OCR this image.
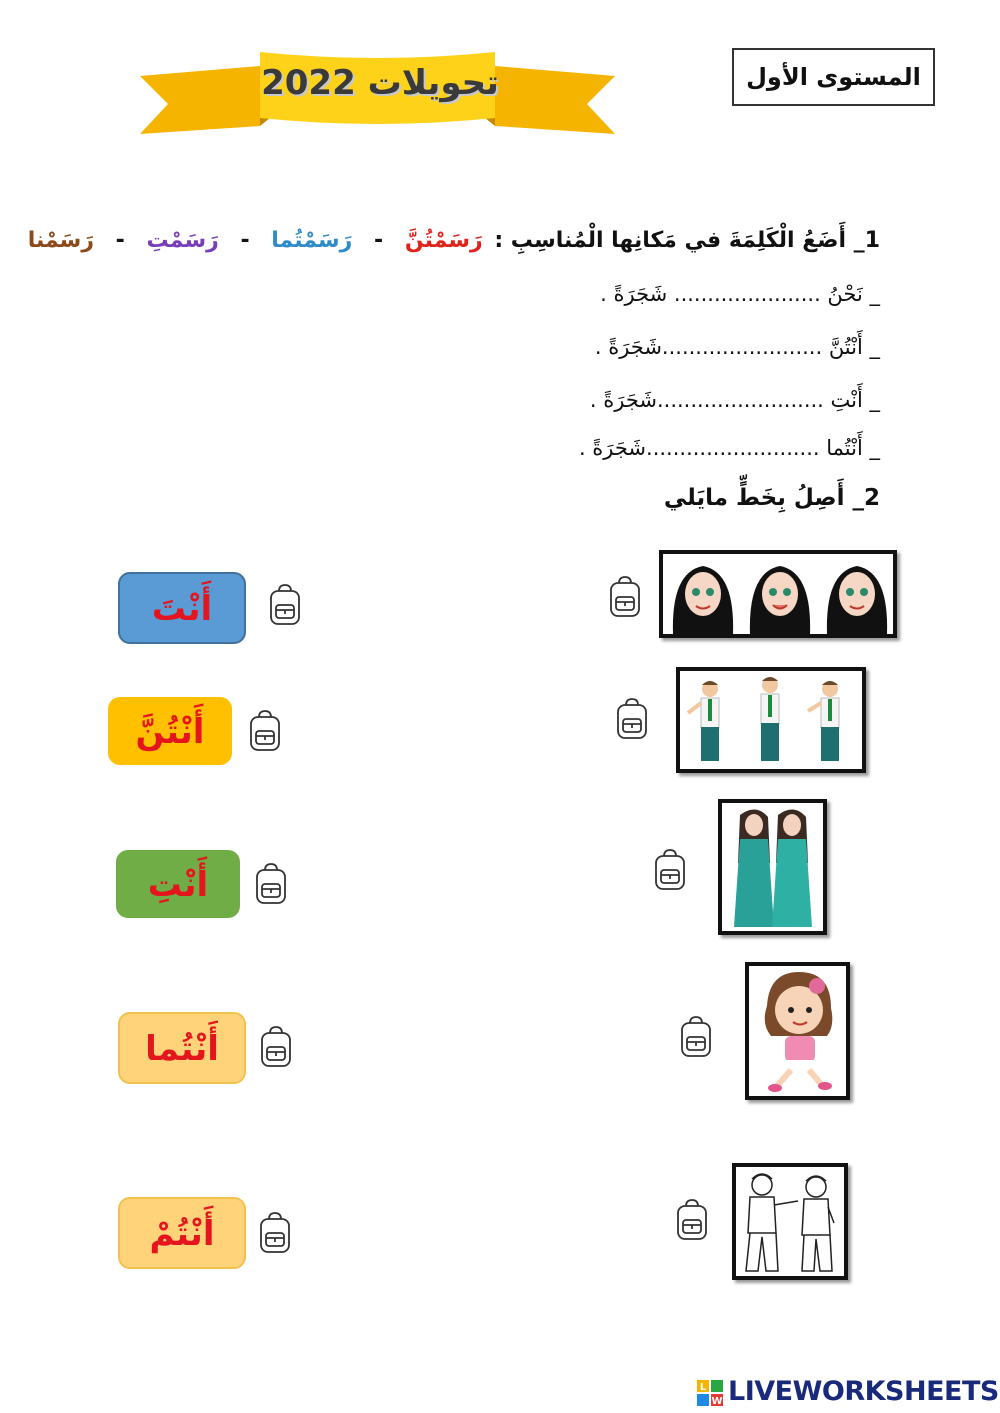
تحويلات 2022	المستوى الأول
1_ أَضَعُ الْكَلِمَةَ في مَكانِها الْمُناسِبِ : رَسَمْتُنَّ - رَسَمْتُما - رَسَمْتِ - رَسَمْنا
_ نَحْنُ ...................... شَجَرَةً .
_ أَنْتُنَّ ........................شَجَرَةً .
_ أَنْتِ .........................شَجَرَةً .
_ أَنْتُما ..........................شَجَرَةً .
2_ أَصِلُ بِخَطٍّ مايَلي
أَنْتَ
أَنْتُنَّ
أَنْتِ
أَنْتُما
أَنْتُمْ
L
W LIVEWORKSHEETS
